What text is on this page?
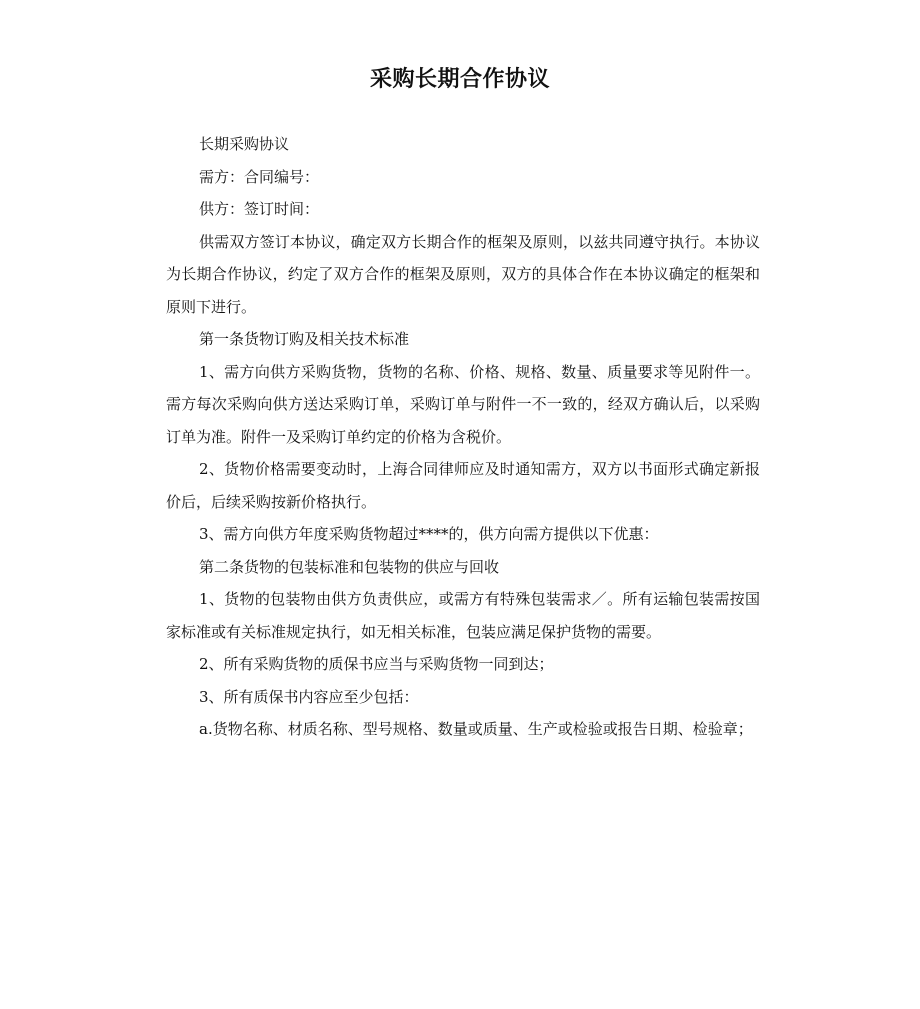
采购长期合作协议

长期采购协议

需方：合同编号：

供方：签订时间：

供需双方签订本协议，确定双方长期合作的框架及原则，以兹共同遵守执行。本协议为长期合作协议，约定了双方合作的框架及原则，双方的具体合作在本协议确定的框架和原则下进行。

第一条货物订购及相关技术标准

1、需方向供方采购货物，货物的名称、价格、规格、数量、质量要求等见附件一。需方每次采购向供方送达采购订单，采购订单与附件一不一致的，经双方确认后，以采购订单为准。附件一及采购订单约定的价格为含税价。

2、货物价格需要变动时，上海合同律师应及时通知需方，双方以书面形式确定新报价后，后续采购按新价格执行。

3、需方向供方年度采购货物超过****的，供方向需方提供以下优惠：

第二条货物的包装标准和包装物的供应与回收

1、货物的包装物由供方负责供应，或需方有特殊包装需求／。所有运输包装需按国家标准或有关标准规定执行，如无相关标准，包装应满足保护货物的需要。

2、所有采购货物的质保书应当与采购货物一同到达；

3、所有质保书内容应至少包括：

a.货物名称、材质名称、型号规格、数量或质量、生产或检验或报告日期、检验章；
